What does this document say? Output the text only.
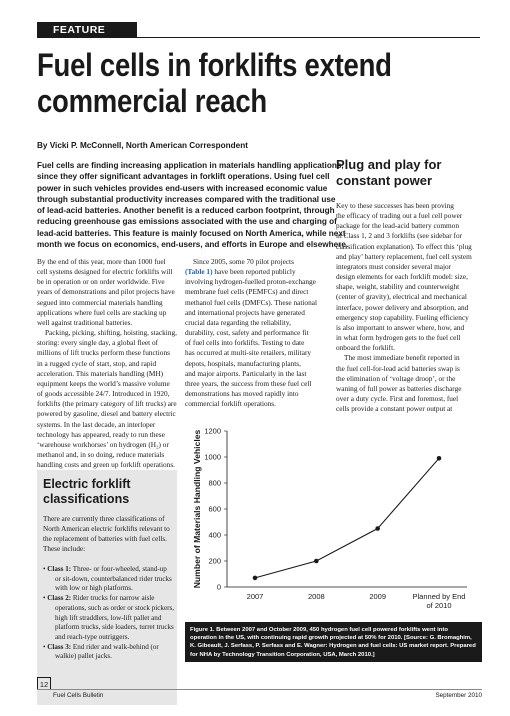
FEATURE
Fuel cells in forklifts extend
commercial reach
By Vicki P. McConnell, North American Correspondent
Fuel cells are finding increasing application in materials handling applications,
since they offer significant advantages in forklift operations. Using fuel cell
power in such vehicles provides end-users with increased economic value
through substantial productivity increases compared with the traditional use
of lead-acid batteries. Another benefit is a reduced carbon footprint, through
reducing greenhouse gas emissions associated with the use and charging of
lead-acid batteries. This feature is mainly focused on North America, while next
month we focus on economics, end-users, and efforts in Europe and elsewhere.
By the end of this year, more than 1000 fuel
cell systems designed for electric forklifts will
be in operation or on order worldwide. Five
years of demonstrations and pilot projects have
segued into commercial materials handling
applications where fuel cells are stacking up
well against traditional batteries.
Packing, picking, shifting, hoisting, stacking,
storing: every single day, a global fleet of
millions of lift trucks perform these functions
in a rugged cycle of start, stop, and rapid
acceleration. This materials handling (MH)
equipment keeps the world’s massive volume
of goods accessible 24/7. Introduced in 1920,
forklifts (the primary category of lift trucks) are
powered by gasoline, diesel and battery electric
systems. In the last decade, an interloper
technology has appeared, ready to run these
‘warehouse workhorses’ on hydrogen (H₂) or
methanol and, in so doing, reduce materials
handling costs and green up forklift operations.
Since 2005, some 70 pilot projects
(Table 1) have been reported publicly
involving hydrogen-fuelled proton-exchange
membrane fuel cells (PEMFCs) and direct
methanol fuel cells (DMFCs). These national
and international projects have generated
crucial data regarding the reliability,
durability, cost, safety and performance fit
of fuel cells into forklifts. Testing to date
has occurred at multi-site retailers, military
depots, hospitals, manufacturing plants,
and major airports. Particularly in the last
three years, the success from these fuel cell
demonstrations has moved rapidly into
commercial forklift operations.
Plug and play for
constant power
Key to these successes has been proving
the efficacy of trading out a fuel cell power
package for the lead-acid battery common
in Class 1, 2 and 3 forklifts (see sidebar for
classification explanation). To effect this ‘plug
and play’ battery replacement, fuel cell system
integrators must consider several major
design elements for each forklift model: size,
shape, weight, stability and counterweight
(center of gravity), electrical and mechanical
interface, power delivery and absorption, and
emergency stop capability. Fueling efficiency
is also important to answer where, how, and
in what form hydrogen gets to the fuel cell
onboard the forklift.
The most immediate benefit reported in
the fuel cell-for-lead acid batteries swap is
the elimination of ‘voltage droop’, or the
waning of full power as batteries discharge
over a duty cycle. First and foremost, fuel
cells provide a constant power output at
Electric forklift
classifications
There are currently three classifications of
North American electric forklifts relevant to
the replacement of batteries with fuel cells.
These include:
• Class 1: Three- or four-wheeled, stand-up
or sit-down, counterbalanced rider trucks
with low or high platforms.
• Class 2: Rider trucks for narrow aisle
operations, such as order or stock pickers,
high lift straddlers, low-lift pallet and
platform trucks, side loaders, turret trucks
and reach-type outriggers.
• Class 3: End rider and walk-behind (or
walkie) pallet jacks.
0
200
400
600
800
1000
1200
2007	2008	2009	Planned by End of 2010
Number of Materials Handling Vehicles
Figure 1. Between 2007 and October 2009, 450 hydrogen fuel cell powered forklifts went into
operation in the US, with continuing rapid growth projected at 50% for 2010. [Source: G. Bromaghim,
K. Gibeault, J. Serfass, P. Serfass and E. Wagner: Hydrogen and fuel cells: US market report. Prepared
for NHA by Technology Transition Corporation, USA, March 2010.]
12
Fuel Cells Bulletin	September 2010
